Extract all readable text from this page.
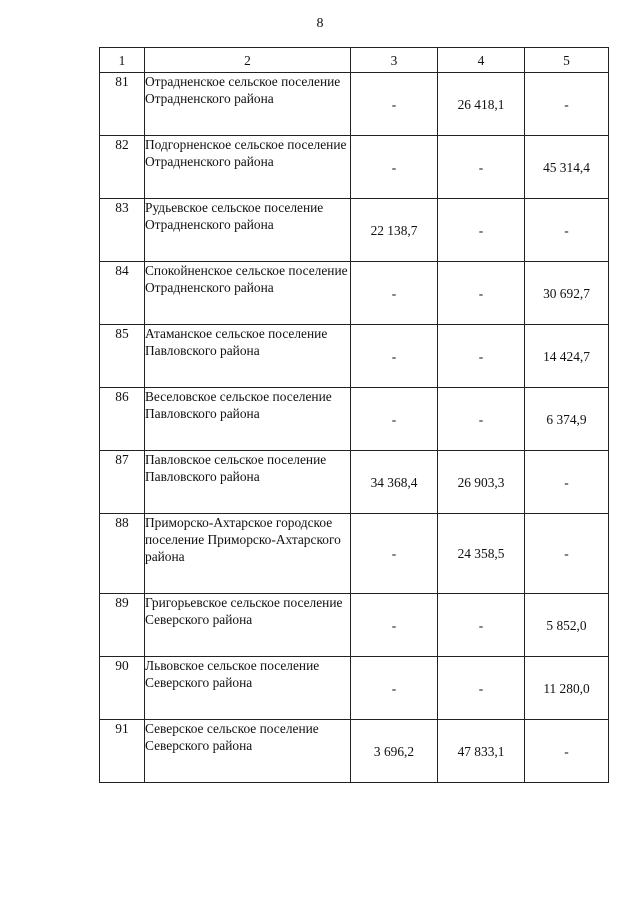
8
1	2	3	4	5
81	Отрадненское сельское поселение Отрадненского района	-	26 418,1	-
82	Подгорненское сельское поселение Отрадненского района	-	-	45 314,4
83	Рудьевское сельское поселение Отрадненского района	22 138,7	-	-
84	Спокойненское сельское поселение Отрадненского района	-	-	30 692,7
85	Атаманское сельское поселение Павловского района	-	-	14 424,7
86	Веселовское сельское поселение Павловского района	-	-	6 374,9
87	Павловское сельское поселение Павловского района	34 368,4	26 903,3	-
88	Приморско-Ахтарское городское поселение Приморско-Ахтарского района	-	24 358,5	-
89	Григорьевское сельское поселение Северского района	-	-	5 852,0
90	Львовское сельское поселение Северского района	-	-	11 280,0
91	Северское сельское поселение Северского района	3 696,2	47 833,1	-
